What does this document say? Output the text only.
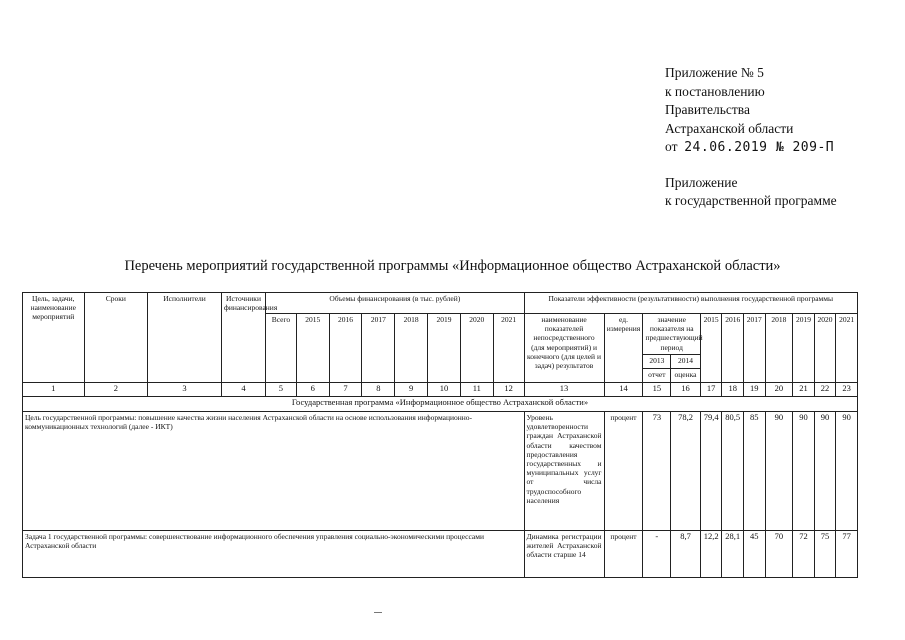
Приложение № 5
к постановлению
Правительства
Астраханской области
от 24.06.2019 № 209-П
Приложение
к государственной программе
Перечень мероприятий государственной программы «Информационное общество Астраханской области»
Цель, задачи, наименование мероприятий	Сроки	Исполнители	Источники финансирования	Объемы финансирования (в тыс. рублей)								Показатели эффективности (результативности) выполнения государственной программы										
				Всего	2015	2016	2017	2018	2019	2020	2021	наименование показателей непосредственного (для мероприятий) и конечного (для целей и задач) результатов	ед. измерения	значение показателя на предшествующий период		2015	2016	2017	2018	2019	2020	2021
														2013	2014							
														отчет	оценка							
1	2	3	4	5	6	7	8	9	10	11	12	13	14	15	16	17	18	19	20	21	22	23
Государственная программа «Информационное общество Астраханской области»																						
Цель государственной программы: повышение качества жизни населения Астраханской области на основе использования информационно-коммуникационных технологий (далее - ИКТ)												Уровень удовлетворенности граждан Астраханской области качеством предоставления государственных и муниципальных услуг от числа трудоспособного населения	процент	73	78,2	79,4	80,5	85	90	90	90	90
Задача 1 государственной программы: совершенствование информационного обеспечения управления социально-экономическими процессами Астраханской области												Динамика регистрации жителей Астраханской области старше 14	процент	-	8,7	12,2	28,1	45	70	72	75	77
